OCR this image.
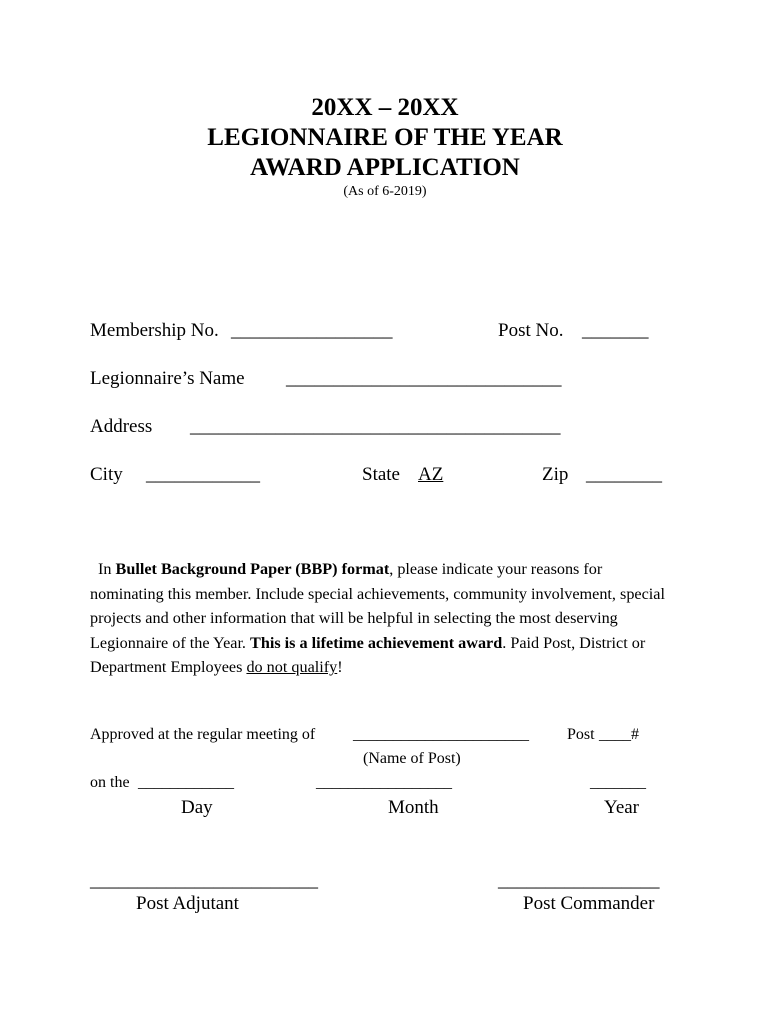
20XX – 20XX
LEGIONNAIRE OF THE YEAR
AWARD APPLICATION
(As of 6-2019)
Membership No. _________________	Post No. _______
Legionnaire’s Name _____________________________
Address _______________________________________
City ____________	State AZ	Zip ________
In Bullet Background Paper (BBP) format, please indicate your reasons for nominating this member. Include special achievements, community involvement, special projects and other information that will be helpful in selecting the most deserving Legionnaire of the Year. This is a lifetime achievement award. Paid Post, District or Department Employees do not qualify!
Approved at the regular meeting of ______________________ Post ____#
(Name of Post)
on the ____________	_________________	_______
Day	Month	Year
________________________
Post Adjutant
_________________
Post Commander
